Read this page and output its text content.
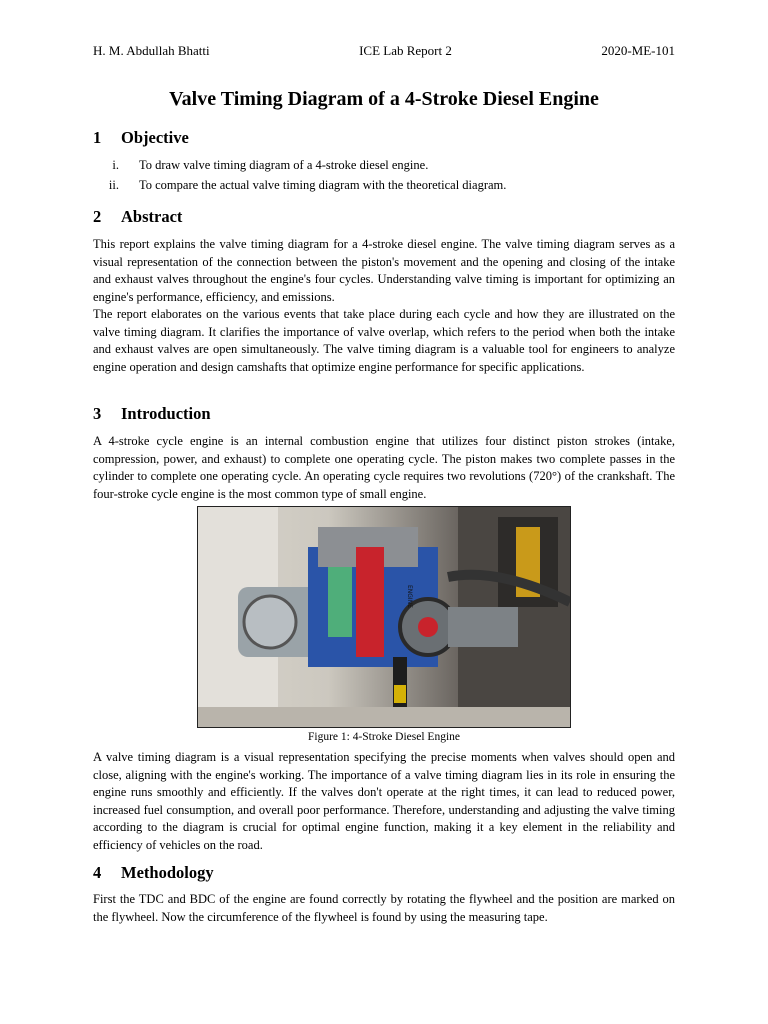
H. M. Abdullah Bhatti	ICE Lab Report 2	2020-ME-101
Valve Timing Diagram of a 4-Stroke Diesel Engine
1 Objective
i. To draw valve timing diagram of a 4-stroke diesel engine.
ii. To compare the actual valve timing diagram with the theoretical diagram.
2 Abstract
This report explains the valve timing diagram for a 4-stroke diesel engine. The valve timing diagram serves as a visual representation of the connection between the piston's movement and the opening and closing of the intake and exhaust valves throughout the engine's four cycles. Understanding valve timing is important for optimizing an engine's performance, efficiency, and emissions.
The report elaborates on the various events that take place during each cycle and how they are illustrated on the valve timing diagram. It clarifies the importance of valve overlap, which refers to the period when both the intake and exhaust valves are open simultaneously. The valve timing diagram is a valuable tool for engineers to analyze engine operation and design camshafts that optimize engine performance for specific applications.
3 Introduction
A 4-stroke cycle engine is an internal combustion engine that utilizes four distinct piston strokes (intake, compression, power, and exhaust) to complete one operating cycle. The piston makes two complete passes in the cylinder to complete one operating cycle. An operating cycle requires two revolutions (720°) of the crankshaft. The four-stroke cycle engine is the most common type of small engine.
ENGINE
Figure 1: 4-Stroke Diesel Engine
A valve timing diagram is a visual representation specifying the precise moments when valves should open and close, aligning with the engine's working. The importance of a valve timing diagram lies in its role in ensuring the engine runs smoothly and efficiently. If the valves don't operate at the right times, it can lead to reduced power, increased fuel consumption, and overall poor performance. Therefore, understanding and adjusting the valve timing according to the diagram is crucial for optimal engine function, making it a key element in the reliability and efficiency of vehicles on the road.
4 Methodology
First the TDC and BDC of the engine are found correctly by rotating the flywheel and the position are marked on the flywheel. Now the circumference of the flywheel is found by using the measuring tape.
